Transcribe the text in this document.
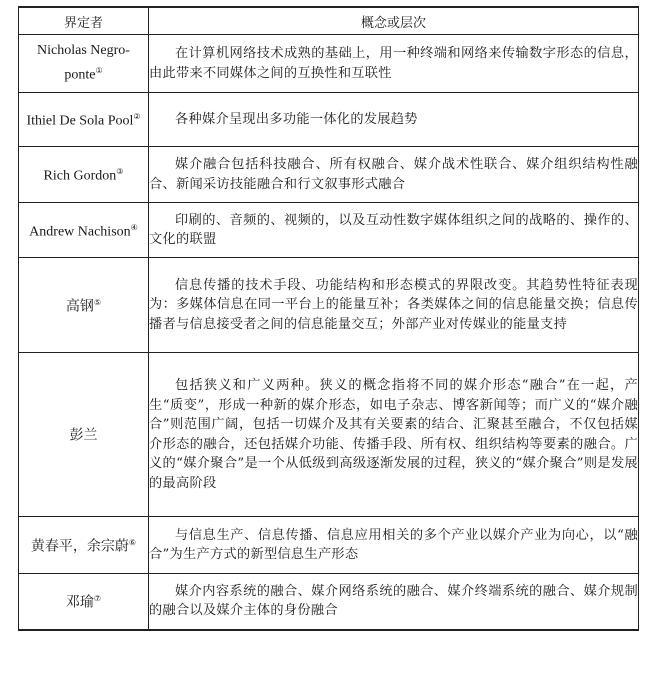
界定者	概念或层次
Nicholas Negro-ponte①	在计算机网络技术成熟的基础上，用一种终端和网络来传输数字形态的信息，由此带来不同媒体之间的互换性和互联性
Ithiel De Sola Pool②	各种媒介呈现出多功能一体化的发展趋势
Rich Gordon③	媒介融合包括科技融合、所有权融合、媒介战术性联合、媒介组织结构性融合、新闻采访技能融合和行文叙事形式融合
Andrew Nachison④	印刷的、音频的、视频的，以及互动性数字媒体组织之间的战略的、操作的、文化的联盟
高钢⑤	信息传播的技术手段、功能结构和形态模式的界限改变。其趋势性特征表现为：多媒体信息在同一平台上的能量互补；各类媒体之间的信息能量交换；信息传播者与信息接受者之间的信息能量交互；外部产业对传媒业的能量支持
彭兰	包括狭义和广义两种。狭义的概念指将不同的媒介形态“融合”在一起，产生“质变”，形成一种新的媒介形态，如电子杂志、博客新闻等；而广义的“媒介融合”则范围广阔，包括一切媒介及其有关要素的结合、汇聚甚至融合，不仅包括媒介形态的融合，还包括媒介功能、传播手段、所有权、组织结构等要素的融合。广义的“媒介聚合”是一个从低级到高级逐渐发展的过程，狭义的“媒介聚合”则是发展的最高阶段
黄春平，余宗蔚⑥	与信息生产、信息传播、信息应用相关的多个产业以媒介产业为向心，以“融合”为生产方式的新型信息生产形态
邓瑜⑦	媒介内容系统的融合、媒介网络系统的融合、媒介终端系统的融合、媒介规制的融合以及媒介主体的身份融合
